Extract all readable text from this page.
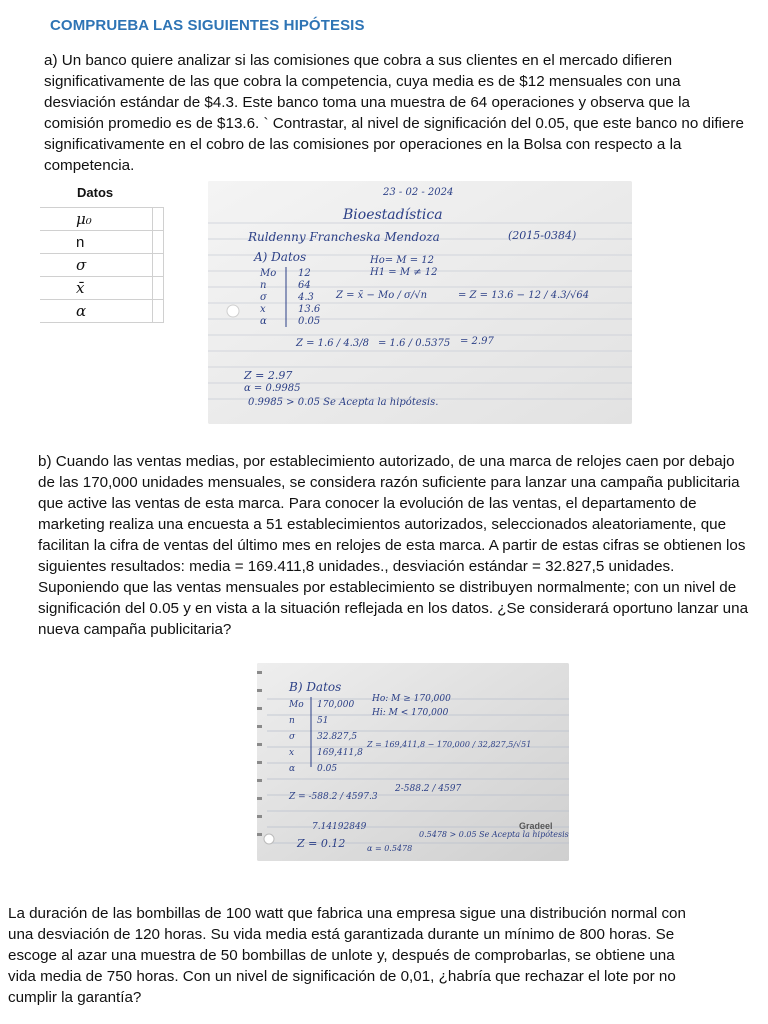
COMPRUEBA LAS SIGUIENTES HIPÓTESIS

a) Un banco quiere analizar si las comisiones que cobra a sus clientes en el mercado difieren significativamente de las que cobra la competencia, cuya media es de $12 mensuales con una desviación estándar de $4.3. Este banco toma una muestra de 64 operaciones y observa que la comisión promedio es de $13.6. ` Contrastar, al nivel de significación del 0.05, que este banco no difiere significativamente en el cobro de las comisiones por operaciones en la Bolsa con respecto a la competencia.

Datos
μ₀	
n	
σ	
x̄	
α	
23 - 02 - 2024
Bioestadística
Ruldenny Francheska Mendoza	(2015-0384)
A) Datos
Mo 12
n	64
σ	4.3
x	13.6
α	0.05
Ho= M = 12
H1 = M ≠ 12
Z = x̄ − Mo / σ/√n	= Z = 13.6 − 12 / 4.3/√64
Z = 1.6 / 4.3/8 = 1.6 / 0.5375 = 2.97
Z = 2.97
α = 0.9985
0.9985 > 0.05 Se Acepta la hipótesis.

b) Cuando las ventas medias, por establecimiento autorizado, de una marca de relojes caen por debajo de las 170,000 unidades mensuales, se considera razón suficiente para lanzar una campaña publicitaria que active las ventas de esta marca. Para conocer la evolución de las ventas, el departamento de marketing realiza una encuesta a 51 establecimientos autorizados, seleccionados aleatoriamente, que facilitan la cifra de ventas del último mes en relojes de esta marca. A partir de estas cifras se obtienen los siguientes resultados: media = 169.411,8 unidades., desviación estándar = 32.827,5 unidades. Suponiendo que las ventas mensuales por establecimiento se distribuyen normalmente; con un nivel de significación del 0.05 y en vista a la situación reflejada en los datos. ¿Se considerará oportuno lanzar una nueva campaña publicitaria?

B) Datos
Mo 170,000
n 51
σ 32.827,5
x	169,411,8
α 0.05
Ho: M ≥ 170,000
Hi: M < 170,000
Z = 169,411,8 − 170,000 / 32,827,5/√51
Z = -588.2 / 4597.3
2-588.2 / 4597
7.14192849
Z = 0.12	α = 0.5478
0.5478 > 0.05 Se Acepta la hipótesis
Gradeel

La duración de las bombillas de 100 watt que fabrica una empresa sigue una distribución normal con una desviación de 120 horas. Su vida media está garantizada durante un mínimo de 800 horas. Se escoge al azar una muestra de 50 bombillas de unlote y, después de comprobarlas, se obtiene una vida media de 750 horas. Con un nivel de significación de 0,01, ¿habría que rechazar el lote por no cumplir la garantía?
